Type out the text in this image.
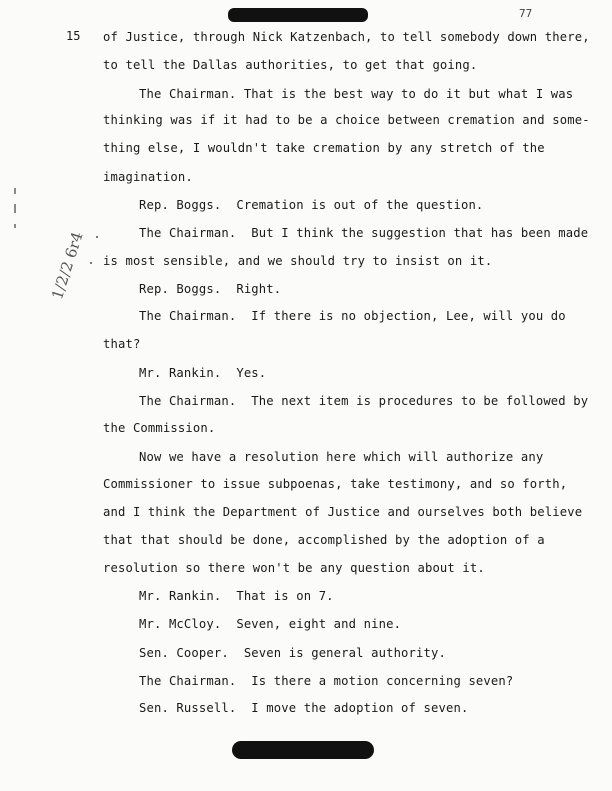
77
15
1/2/2 6r4
of Justice, through Nick Katzenbach, to tell somebody down there,
to tell the Dallas authorities, to get that going.
The Chairman. That is the best way to do it but what I was
thinking was if it had to be a choice between cremation and some-
thing else, I wouldn't take cremation by any stretch of the
imagination.
Rep. Boggs.  Cremation is out of the question.
The Chairman.  But I think the suggestion that has been made
is most sensible, and we should try to insist on it.
Rep. Boggs.  Right.
The Chairman.  If there is no objection, Lee, will you do
that?
Mr. Rankin.  Yes.
The Chairman.  The next item is procedures to be followed by
the Commission.
Now we have a resolution here which will authorize any
Commissioner to issue subpoenas, take testimony, and so forth,
and I think the Department of Justice and ourselves both believe
that that should be done, accomplished by the adoption of a
resolution so there won't be any question about it.
Mr. Rankin.  That is on 7.
Mr. McCloy.  Seven, eight and nine.
Sen. Cooper.  Seven is general authority.
The Chairman.  Is there a motion concerning seven?
Sen. Russell.  I move the adoption of seven.
